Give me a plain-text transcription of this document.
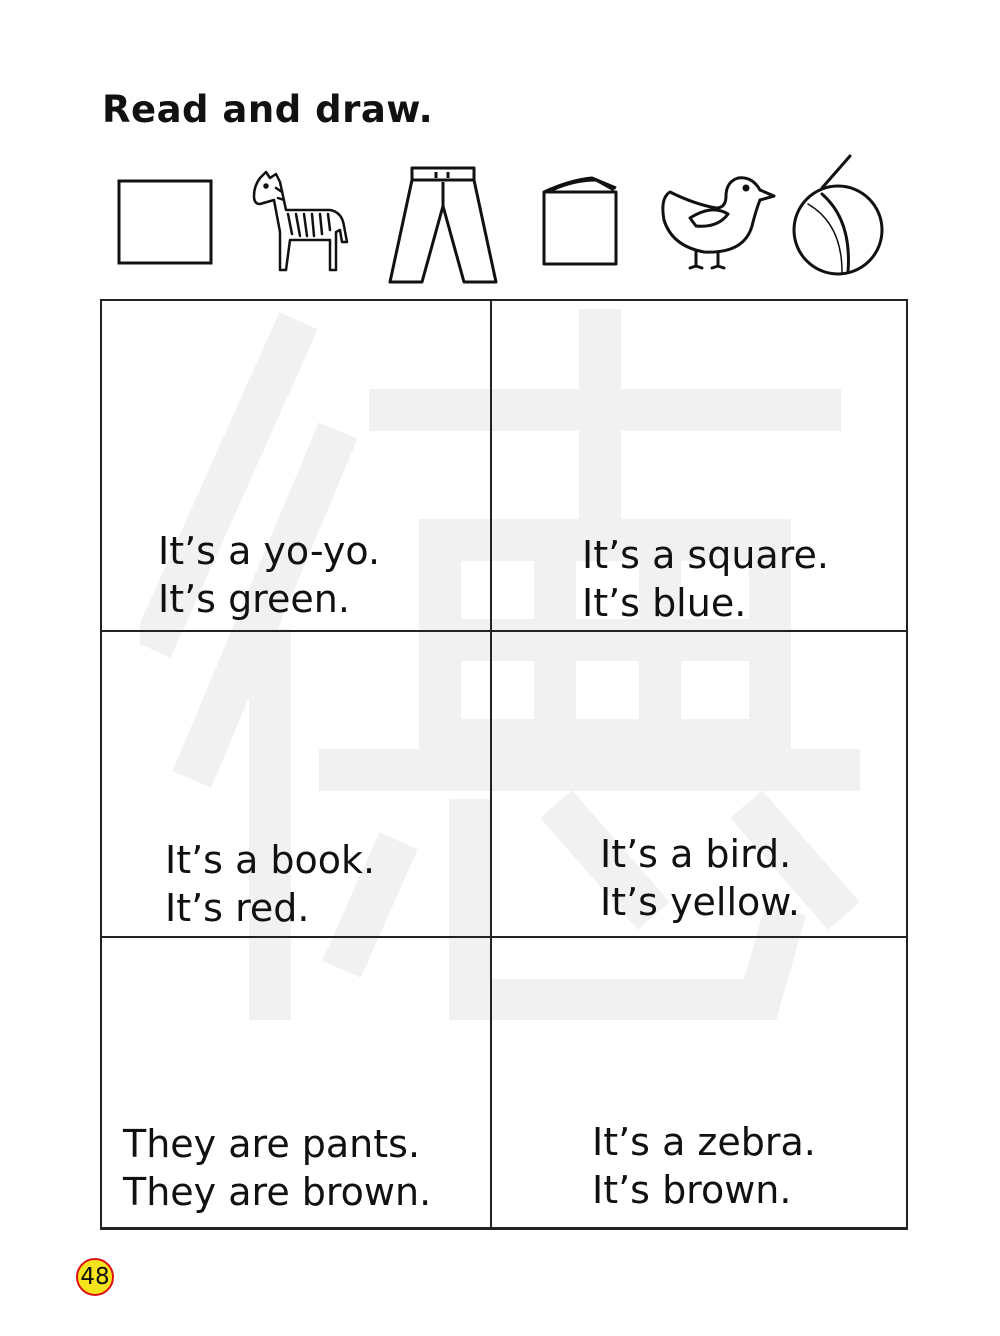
Read and draw.
It’s a yo-yo.
It’s green.
It’s a square.
It’s blue.
It’s a book.
It’s red.
It’s a bird.
It’s yellow.
They are pants.
They are brown.
It’s a zebra.
It’s brown.
48
